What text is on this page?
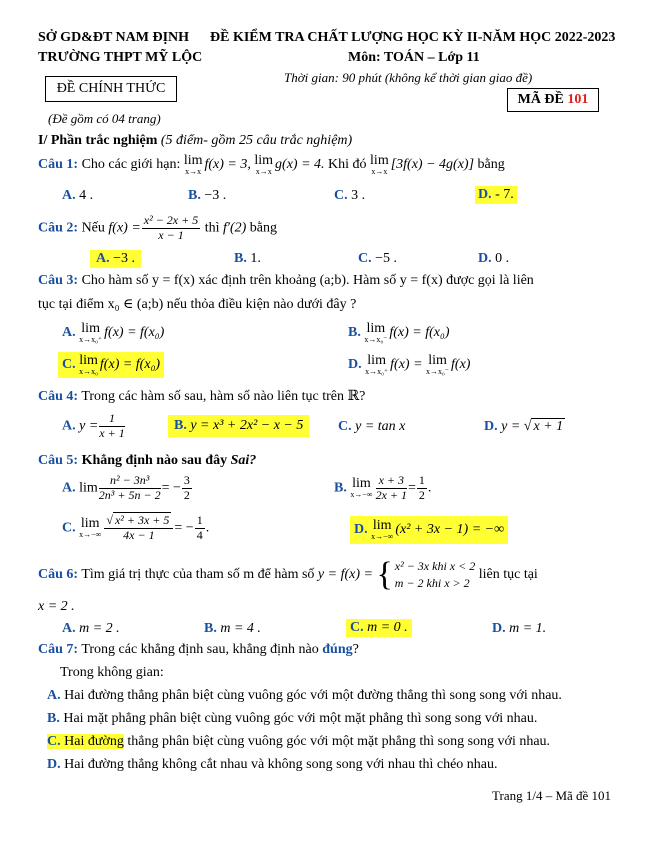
SỞ GD&ĐT NAM ĐỊNH
TRƯỜNG THPT MỸ LỘC
ĐỀ CHÍNH THỨC
ĐỀ KIỂM TRA CHẤT LƯỢNG HỌC KỲ II-NĂM HỌC 2022-2023
Môn: TOÁN – Lớp 11
Thời gian: 90 phút (không kể thời gian giao đề)
MÃ ĐỀ 101
(Đề gồm có 04 trang)
I/ Phần trắc nghiệm (5 điểm- gồm 25 câu trắc nghiệm)
Câu 1: Cho các giới hạn: lim
x→x f(x) = 3, lim
x→x g(x) = 4. Khi đó lim
x→x [3f(x) − 4g(x)] bằng
A. 4 .	B. −3 .	C. 3 .	D. - 7.
Câu 2: Nếu $f(x) = \frac{\text{x² − 2x + 5}}{x - 1}$ thì f′(2) bằng
A. −3 .	B. 1.	C. −5 .	D. 0 .
Câu 3: Cho hàm số y = f(x) xác định trên khoảng (a;b). Hàm số y = f(x) được gọi là liên
tục tại điểm x₀ ∈ (a;b) nếu thỏa điều kiện nào dưới đây ?
A. lim
x→x₀⁺ f(x) = f(x₀)	B. lim
x→x₀⁻ f(x) = f(x₀)
C. lim
x→x₀ f(x) = f(x₀)	D. lim
x→x₀⁺ f(x) = lim
x→x₀⁻ f(x)
Câu 4: Trong các hàm số sau, hàm số nào liên tục trên ℝ?
A. $y = \frac{1}{x + 1}$	B. y = x³ + 2x² − x − 5	C. y = tan x	D. y = √ x + 1
Câu 5: Khẳng định nào sau đây Sai?
A. $\lim \frac{\text{n² − 3n³}}{\text{2n³ + 5n − 2}}$ = − $\frac{3}{2}$	B. lim
$x\to-\infty \frac{x + 3}{2x + 1} = \frac{1}{2}$ .
C. lim
$x\to-\infty \frac{\text{√ x² + 3x + 5}}{4x - 1}$ = − $\frac{1}{4}$ .	D. lim
x→−∞ (x² + 3x − 1) = −∞
Câu 6: Tìm giá trị thực của tham số m để hàm số y = f(x) = { x² − 3x khi x < 2
m − 2 khi x > 2
liên tục tại
x = 2 .
A. m = 2 .	B. m = 4 .	C. m = 0 .	D. m = 1.
Câu 7: Trong các khẳng định sau, khẳng định nào đúng?
Trong không gian:
A. Hai đường thẳng phân biệt cùng vuông góc với một đường thẳng thì song song với nhau.
B. Hai mặt phẳng phân biệt cùng vuông góc với một mặt phẳng thì song song với nhau.
C. Hai đường thẳng phân biệt cùng vuông góc với một mặt phẳng thì song song với nhau.
D. Hai đường thẳng không cắt nhau và không song song với nhau thì chéo nhau.
Trang 1/4 – Mã đề 101
